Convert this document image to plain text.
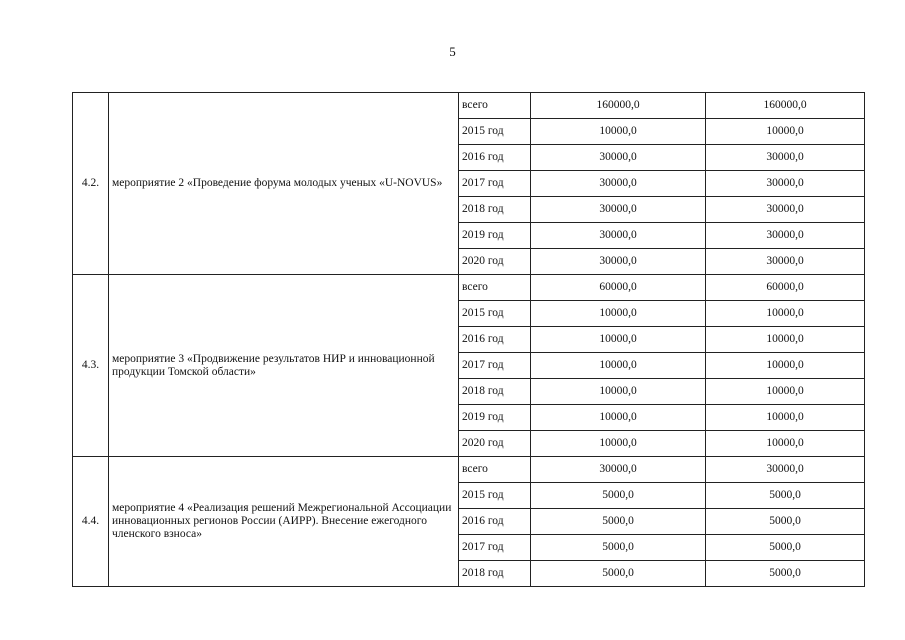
5
4.2.	мероприятие 2 «Проведение форума молодых ученых «U-NOVUS»	всего	160000,0	160000,0
		2015 год	10000,0	10000,0
		2016 год	30000,0	30000,0
		2017 год	30000,0	30000,0
		2018 год	30000,0	30000,0
		2019 год	30000,0	30000,0
		2020 год	30000,0	30000,0
4.3.	мероприятие 3 «Продвижение результатов НИР и инновационной продукции Томской области»	всего	60000,0	60000,0
		2015 год	10000,0	10000,0
		2016 год	10000,0	10000,0
		2017 год	10000,0	10000,0
		2018 год	10000,0	10000,0
		2019 год	10000,0	10000,0
		2020 год	10000,0	10000,0
4.4.	мероприятие 4 «Реализация решений Межрегиональной Ассоциации инновационных регионов России (АИРР). Внесение ежегодного членского взноса»	всего	30000,0	30000,0
		2015 год	5000,0	5000,0
		2016 год	5000,0	5000,0
		2017 год	5000,0	5000,0
		2018 год	5000,0	5000,0
